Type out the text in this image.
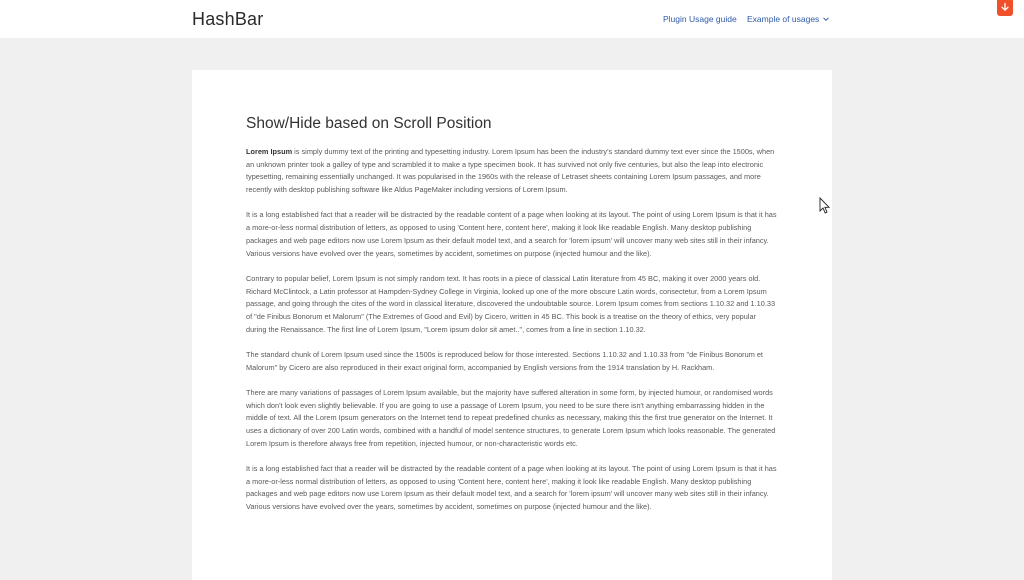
HashBar	Plugin Usage guide Example of usages
Show/Hide based on Scroll Position

Lorem Ipsum is simply dummy text of the printing and typesetting industry. Lorem Ipsum has been the industry's standard dummy text ever since the 1500s, when an unknown printer took a galley of type and scrambled it to make a type specimen book. It has survived not only five centuries, but also the leap into electronic typesetting, remaining essentially unchanged. It was popularised in the 1960s with the release of Letraset sheets containing Lorem Ipsum passages, and more recently with desktop publishing software like Aldus PageMaker including versions of Lorem Ipsum.

It is a long established fact that a reader will be distracted by the readable content of a page when looking at its layout. The point of using Lorem Ipsum is that it has a more-or-less normal distribution of letters, as opposed to using 'Content here, content here', making it look like readable English. Many desktop publishing packages and web page editors now use Lorem Ipsum as their default model text, and a search for 'lorem ipsum' will uncover many web sites still in their infancy. Various versions have evolved over the years, sometimes by accident, sometimes on purpose (injected humour and the like).

Contrary to popular belief, Lorem Ipsum is not simply random text. It has roots in a piece of classical Latin literature from 45 BC, making it over 2000 years old. Richard McClintock, a Latin professor at Hampden-Sydney College in Virginia, looked up one of the more obscure Latin words, consectetur, from a Lorem Ipsum passage, and going through the cites of the word in classical literature, discovered the undoubtable source. Lorem Ipsum comes from sections 1.10.32 and 1.10.33 of "de Finibus Bonorum et Malorum" (The Extremes of Good and Evil) by Cicero, written in 45 BC. This book is a treatise on the theory of ethics, very popular during the Renaissance. The first line of Lorem Ipsum, "Lorem ipsum dolor sit amet..", comes from a line in section 1.10.32.

The standard chunk of Lorem Ipsum used since the 1500s is reproduced below for those interested. Sections 1.10.32 and 1.10.33 from "de Finibus Bonorum et Malorum" by Cicero are also reproduced in their exact original form, accompanied by English versions from the 1914 translation by H. Rackham.

There are many variations of passages of Lorem Ipsum available, but the majority have suffered alteration in some form, by injected humour, or randomised words which don't look even slightly believable. If you are going to use a passage of Lorem Ipsum, you need to be sure there isn't anything embarrassing hidden in the middle of text. All the Lorem Ipsum generators on the Internet tend to repeat predefined chunks as necessary, making this the first true generator on the Internet. It uses a dictionary of over 200 Latin words, combined with a handful of model sentence structures, to generate Lorem Ipsum which looks reasonable. The generated Lorem Ipsum is therefore always free from repetition, injected humour, or non-characteristic words etc.

It is a long established fact that a reader will be distracted by the readable content of a page when looking at its layout. The point of using Lorem Ipsum is that it has a more-or-less normal distribution of letters, as opposed to using 'Content here, content here', making it look like readable English. Many desktop publishing packages and web page editors now use Lorem Ipsum as their default model text, and a search for 'lorem ipsum' will uncover many web sites still in their infancy. Various versions have evolved over the years, sometimes by accident, sometimes on purpose (injected humour and the like).
